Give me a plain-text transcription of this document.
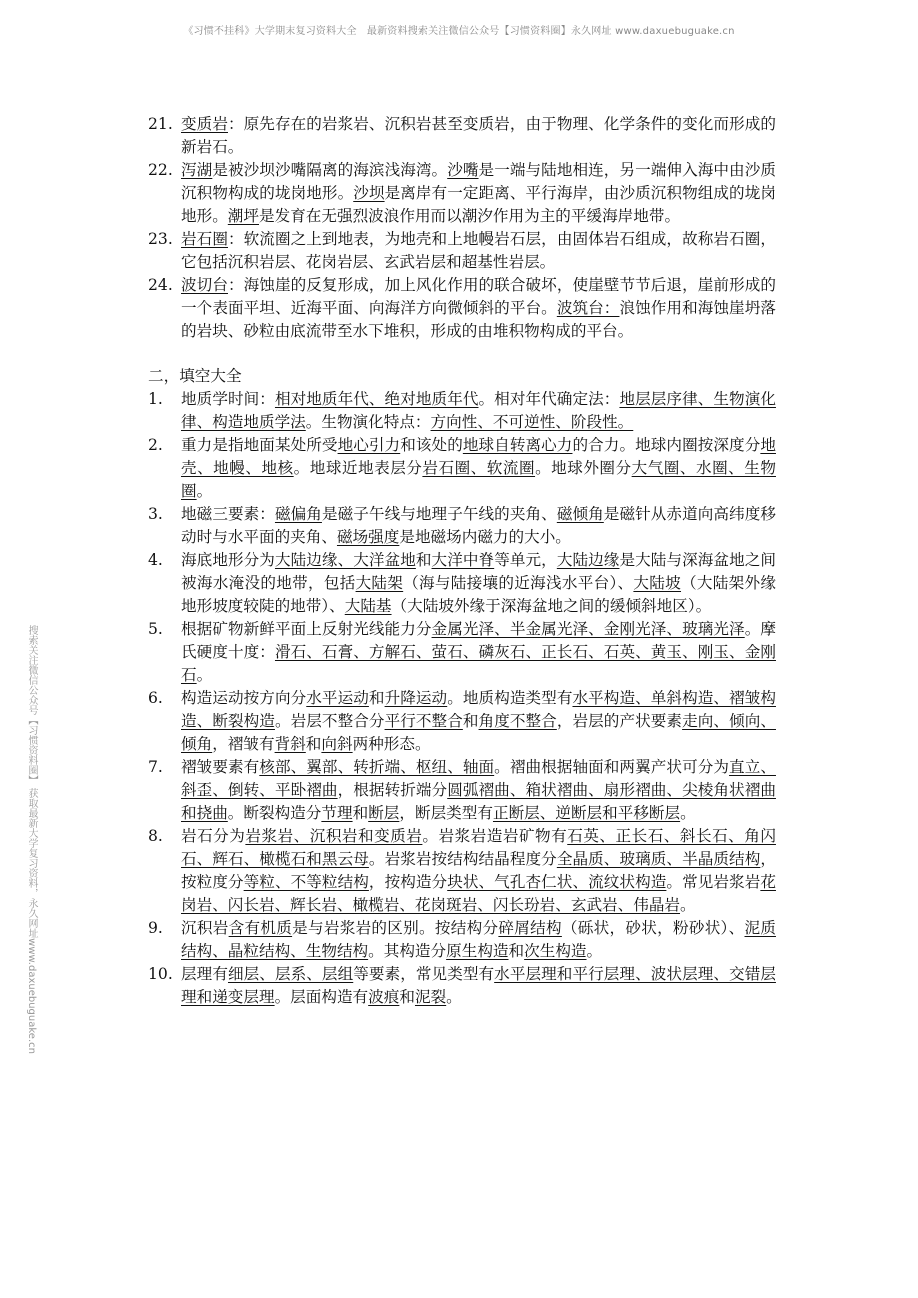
《习惯不挂科》大学期末复习资料大全　最新资料搜索关注微信公众号【习惯资料圈】永久网址 www.daxuebuguake.cn
搜索关注微信公众号【习惯资料圈】 获取最新大学复习资料，永久网址www.daxuebuguake.cn
21. 变质岩：原先存在的岩浆岩、沉积岩甚至变质岩，由于物理、化学条件的变化而形成的新岩石。
22. 泻湖是被沙坝沙嘴隔离的海滨浅海湾。沙嘴是一端与陆地相连，另一端伸入海中由沙质沉积物构成的垅岗地形。沙坝是离岸有一定距离、平行海岸，由沙质沉积物组成的垅岗地形。潮坪是发育在无强烈波浪作用而以潮汐作用为主的平缓海岸地带。
23. 岩石圈：软流圈之上到地表，为地壳和上地幔岩石层，由固体岩石组成，故称岩石圈，它包括沉积岩层、花岗岩层、玄武岩层和超基性岩层。
24. 波切台：海蚀崖的反复形成，加上风化作用的联合破坏，使崖壁节节后退，崖前形成的一个表面平坦、近海平面、向海洋方向微倾斜的平台。波筑台：浪蚀作用和海蚀崖坍落的岩块、砂粒由底流带至水下堆积，形成的由堆积物构成的平台。
二，填空大全
1.	地质学时间：相对地质年代、绝对地质年代。相对年代确定法：地层层序律、生物演化律、构造地质学法。生物演化特点：方向性、不可逆性、阶段性。
2.	重力是指地面某处所受地心引力和该处的地球自转离心力的合力。地球内圈按深度分地壳、地幔、地核。地球近地表层分岩石圈、软流圈。地球外圈分大气圈、水圈、生物圈。
3.	地磁三要素：磁偏角是磁子午线与地理子午线的夹角、磁倾角是磁针从赤道向高纬度移动时与水平面的夹角、磁场强度是地磁场内磁力的大小。
4.	海底地形分为大陆边缘、大洋盆地和大洋中脊等单元，大陆边缘是大陆与深海盆地之间被海水淹没的地带，包括大陆架（海与陆接壤的近海浅水平台）、大陆坡（大陆架外缘地形坡度较陡的地带）、大陆基（大陆坡外缘于深海盆地之间的缓倾斜地区）。
5.	根据矿物新鲜平面上反射光线能力分金属光泽、半金属光泽、金刚光泽、玻璃光泽。摩氏硬度十度：滑石、石膏、方解石、萤石、磷灰石、正长石、石英、黄玉、刚玉、金刚石。
6.	构造运动按方向分水平运动和升降运动。地质构造类型有水平构造、单斜构造、褶皱构造、断裂构造。岩层不整合分平行不整合和角度不整合，岩层的产状要素走向、倾向、倾角，褶皱有背斜和向斜两种形态。
7.	褶皱要素有核部、翼部、转折端、枢纽、轴面。褶曲根据轴面和两翼产状可分为直立、斜歪、倒转、平卧褶曲，根据转折端分圆弧褶曲、箱状褶曲、扇形褶曲、尖棱角状褶曲和挠曲。断裂构造分节理和断层，断层类型有正断层、逆断层和平移断层。
8.	岩石分为岩浆岩、沉积岩和变质岩。岩浆岩造岩矿物有石英、正长石、斜长石、角闪石、辉石、橄榄石和黑云母。岩浆岩按结构结晶程度分全晶质、玻璃质、半晶质结构，按粒度分等粒、不等粒结构，按构造分块状、气孔杏仁状、流纹状构造。常见岩浆岩花岗岩、闪长岩、辉长岩、橄榄岩、花岗斑岩、闪长玢岩、玄武岩、伟晶岩。
9.	沉积岩含有机质是与岩浆岩的区别。按结构分碎屑结构（砾状，砂状，粉砂状）、泥质结构、晶粒结构、生物结构。其构造分原生构造和次生构造。
10. 层理有细层、层系、层组等要素，常见类型有水平层理和平行层理、波状层理、交错层理和递变层理。层面构造有波痕和泥裂。
